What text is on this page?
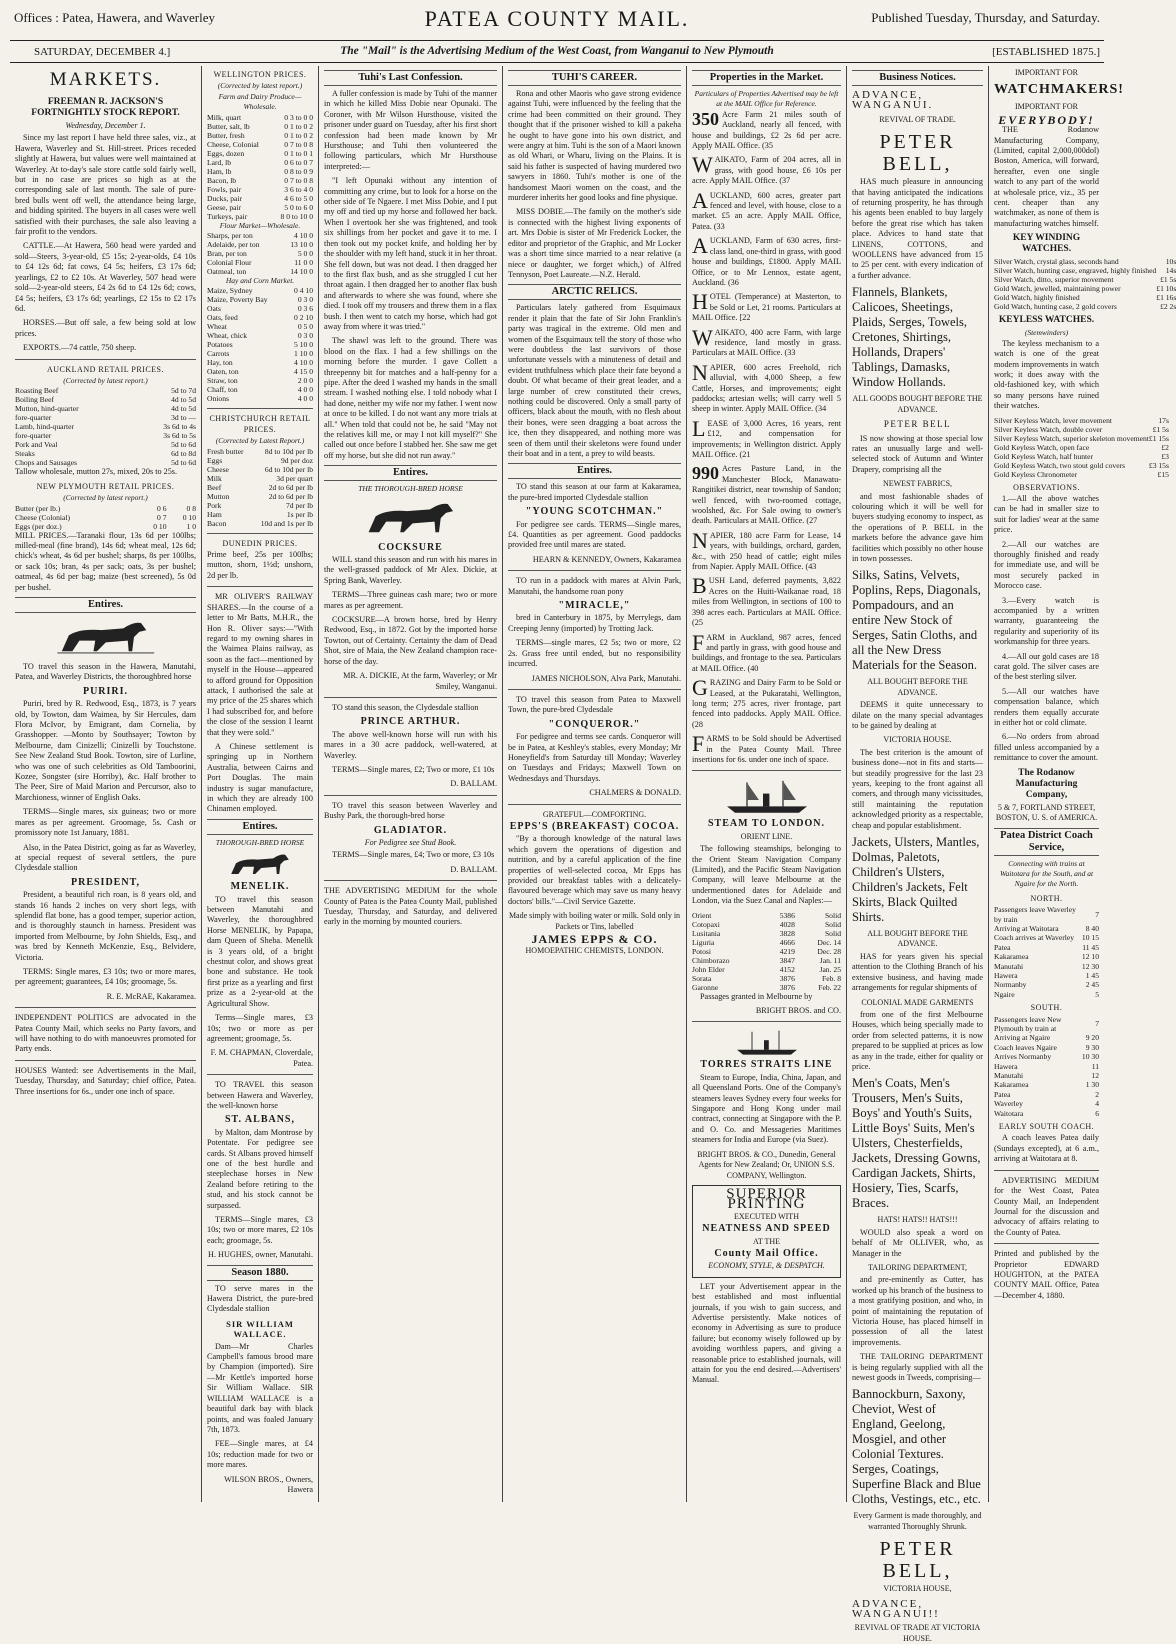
Offices : Patea, Hawera, and Waverley	PATEA COUNTY MAIL.	Published Tuesday, Thursday, and Saturday.
SATURDAY, DECEMBER 4.]	The "Mail" is the Advertising Medium of the West Coast, from Wanganui to New Plymouth	[ESTABLISHED 1875.]
MARKETS.
FREEMAN R. JACKSON'S FORTNIGHTLY STOCK REPORT.
Wednesday, December 1.

Since my last report I have held three sales, viz., at Hawera, Waverley and St. Hill-street. Prices receded slightly at Hawera, but values were well maintained at Waverley. At to-day's sale store cattle sold fairly well, but in no case are prices so high as at the corresponding sale of last month. The sale of pure-bred bulls went off well, the attendance being large, and bidding spirited. The buyers in all cases were well satisfied with their purchases, the sale also leaving a fair profit to the vendors.

CATTLE.—At Hawera, 560 head were yarded and sold—Steers, 3-year-old, £5 15s; 2-year-olds, £4 10s to £4 12s 6d; fat cows, £4 5s; heifers, £3 17s 6d; yearlings, £2 to £2 10s. At Waverley, 507 head were sold—2-year-old steers, £4 2s 6d to £4 12s 6d; cows, £4 5s; heifers, £3 17s 6d; yearlings, £2 15s to £2 17s 6d.

HORSES.—But off sale, a few being sold at low prices.

EXPORTS.—74 cattle, 750 sheep.

AUCKLAND RETAIL PRICES.
(Corrected by latest report.)
Roasting Beef	5d to 7d
Boiling Beef	4d to 5d
Mutton, hind-quarter	4d to 5d
fore-quarter	3d to —
Lamb, hind-quarter	3s 6d to 4s
fore-quarter	3s 6d to 5s
Pork and Veal	5d to 6d
Steaks	6d to 8d
Chops and Sausages	5d to 6d

Tallow wholesale, mutton 27s, mixed, 20s to 25s.

NEW PLYMOUTH RETAIL PRICES.
(Corrected by latest report.)
Butter (per lb.)	0 6	0 8
Cheese (Colonial)	0 7	0 10
Eggs (per doz.)	0 10	1 0

MILL PRICES.—Taranaki flour, 13s 6d per 100lbs; milled-meal (fine brand), 14s 6d; wheat meal, 12s 6d; chick's wheat, 4s 6d per bushel; sharps, 8s per 100lbs, or sack 10s; bran, 4s per sack; oats, 3s per bushel; oatmeal, 4s 6d per bag; maize (best screened), 5s 0d per bushel.

Entires.

TO travel this season in the Hawera, Manutahi, Patea, and Waverley Districts, the thoroughbred horse

PURIRI.

Puriri, bred by R. Redwood, Esq., 1873, is 7 years old, by Towton, dam Waimea, by Sir Hercules, dam Flora McIvor, by Emigrant, dam Cornelia, by Grasshopper. —Monto by Southsayer; Towton by Melbourne, dam Cinizelli; Cinizelli by Touchstone. See New Zealand Stud Book. Towton, sire of Lurline, who was one of such celebrities as Old Tamboorini, Kozee, Songster (sire Horriby), &c. Half brother to The Peer, Sire of Maid Marion and Percursor, also to Marchioness, winner of English Oaks.

TERMS—Single mares, six guineas; two or more mares as per agreement. Groomage, 5s. Cash or promissory note 1st January, 1881.

Also, in the Patea District, going as far as Waverley, at special request of several settlers, the pure Clydesdale stallion

PRESIDENT,

President, a beautiful rich roan, is 8 years old, and stands 16 hands 2 inches on very short legs, with splendid flat bone, has a good temper, superior action, and is thoroughly staunch in harness. President was imported from Melbourne, by John Shields, Esq., and was bred by Kenneth McKenzie, Esq., Belvidere, Victoria.

TERMS: Single mares, £3 10s; two or more mares, per agreement; guarantees, £4 10s; groomage, 5s.

R. E. McRAE, Kakaramea.

INDEPENDENT POLITICS are advocated in the Patea County Mail, which seeks no Party favors, and will have nothing to do with manoeuvres promoted for Party ends.

HOUSES Wanted: see Advertisements in the Mail, Tuesday, Thursday, and Saturday; chief office, Patea. Three insertions for 6s., under one inch of space.

WELLINGTON PRICES.
(Corrected by latest report.)
Farm and Dairy Produce—Wholesale.
Milk, quart	0 3 to 0 0
Butter, salt, lb	0 1 to 0 2
Butter, fresh	0 1 to 0 2
Cheese, Colonial	0 7 to 0 8
Eggs, dozen	0 1 to 0 1
Lard, lb	0 6 to 0 7
Ham, lb	0 8 to 0 9
Bacon, lb	0 7 to 0 8
Fowls, pair	3 6 to 4 0
Ducks, pair	4 6 to 5 0
Geese, pair	5 0 to 6 0
Turkeys, pair	8 0 to 10 0
Flour Market—Wholesale.
Sharps, per ton	4 10 0
Adelaide, per ton	13 10 0
Bran, per ton	5 0 0
Colonial Flour	11 0 0
Oatmeal, ton	14 10 0
Hay and Corn Market.
Maize, Sydney	0 4 10
Maize, Poverty Bay	0 3 0
Oats	0 3 6
Oats, feed	0 2 10
Wheat	0 5 0
Wheat, chick	0 3 0
Potatoes	5 10 0
Carrots	1 10 0
Hay, ton	4 10 0
Oaten, ton	4 15 0
Straw, ton	2 0 0
Chaff, ton	4 0 0
Onions	4 0 0
CHRISTCHURCH RETAIL PRICES.
(Corrected by Latest Report.)
Fresh butter	8d to 10d per lb
Eggs	9d per doz
Cheese	6d to 10d per lb
Milk	3d per quart
Beef	2d to 6d per lb
Mutton	2d to 6d per lb
Pork	7d per lb
Ham	1s per lb
Bacon	10d and 1s per lb
DUNEDIN PRICES.

Prime beef, 25s per 100lbs; mutton, shorn, 1½d; unshorn, 2d per lb.

MR OLIVER'S RAILWAY SHARES.—In the course of a letter to Mr Batts, M.H.R., the Hon R. Oliver says:—"With regard to my owning shares in the Waimea Plains railway, as soon as the fact—mentioned by myself in the House—appeared to afford ground for Opposition attack, I authorised the sale at my price of the 25 shares which I had subscribed for, and before the close of the session I learnt that they were sold."

A Chinese settlement is springing up in Northern Australia, between Cairns and Port Douglas. The main industry is sugar manufacture, in which they are already 100 Chinamen employed.

Entires.
THOROUGH-BRED HORSE
MENELIK.

TO travel this season between Manutahi and Waverley, the thoroughbred Horse MENELIK, by Papapa, dam Queen of Sheba. Menelik is 3 years old, of a bright chestnut color, and shows great bone and substance. He took first prize as a yearling and first prize as a 2-year-old at the Agricultural Show.

Terms—Single mares, £3 10s; two or more as per agreement; groomage, 5s.

F. M. CHAPMAN, Cloverdale, Patea.

TO TRAVEL this season between Hawera and Waverley, the well-known horse

ST. ALBANS,

by Malton, dam Montrose by Potentate. For pedigree see cards. St Albans proved himself one of the best hurdle and steeplechase horses in New Zealand before retiring to the stud, and his stock cannot be surpassed.

TERMS—Single mares, £3 10s; two or more mares, £2 10s each; groomage, 5s.

H. HUGHES, owner, Manutahi.
Season 1880.

TO serve mares in the Hawera District, the pure-bred Clydesdale stallion

SIR WILLIAM WALLACE.

Dam—Mr Charles Campbell's famous brood mare by Champion (imported). Sire—Mr Kettle's imported horse Sir William Wallace. SIR WILLIAM WALLACE is a beautiful dark bay with black points, and was foaled January 7th, 1873.

FEE—Single mares, at £4 10s; reduction made for two or more mares.

WILSON BROS., Owners, Hawera
Tuhi's Last Confession.

A fuller confession is made by Tuhi of the manner in which he killed Miss Dobie near Opunaki. The Coroner, with Mr Wilson Hursthouse, visited the prisoner under guard on Tuesday, after his first short confession had been made known by Mr Hursthouse; and Tuhi then volunteered the following particulars, which Mr Hursthouse interpreted:—

"I left Opunaki without any intention of committing any crime, but to look for a horse on the other side of Te Ngaere. I met Miss Dobie, and I put my off and tied up my horse and followed her back. When I overtook her she was frightened, and took six shillings from her pocket and gave it to me. I then took out my pocket knife, and holding her by the shoulder with my left hand, stuck it in her throat. She fell down, but was not dead. I then dragged her to the first flax bush, and as she struggled I cut her throat again. I then dragged her to another flax bush and afterwards to where she was found, where she died. I took off my trousers and threw them in a flax bush. I then went to catch my horse, which had got away from where it was tried."

The shawl was left to the ground. There was blood on the flax. I had a few shillings on the morning before the murder. I gave Collett a threepenny bit for matches and a half-penny for a pipe. After the deed I washed my hands in the small stream. I washed nothing else. I told nobody what I had done, neither my wife nor my father. I went now at once to be killed. I do not want any more trials at all." When told that could not be, he said "May not the relatives kill me, or may I not kill myself?" She called out once before I stabbed her. She saw me get off my horse, but she did not run away."

Entires.
THE THOROUGH-BRED HORSE
COCKSURE

WILL stand this season and run with his mares in the well-grassed paddock of Mr Alex. Dickie, at Spring Bank, Waverley.

TERMS—Three guineas cash mare; two or more mares as per agreement.

COCKSURE—A brown horse, bred by Henry Redwood, Esq., in 1872. Got by the imported horse Towton, out of Certainty. Certainty the dam of Dead Shot, sire of Maia, the New Zealand champion race-horse of the day.

MR. A. DICKIE, At the farm, Waverley; or Mr Smiley, Wanganui.

TO stand this season, the Clydesdale stallion

PRINCE ARTHUR.

The above well-known horse will run with his mares in a 30 acre paddock, well-watered, at Waverley.

TERMS—Single mares, £2; Two or more, £1 10s

D. BALLAM.

TO travel this season between Waverley and Bushy Park, the thorough-bred horse

GLADIATOR.
For Pedigree see Stud Book.

TERMS—Single mares, £4; Two or more, £3 10s

D. BALLAM.

THE ADVERTISING MEDIUM for the whole County of Patea is the Patea County Mail, published Tuesday, Thursday, and Saturday, and delivered early in the morning by mounted couriers.

TUHI'S CAREER.

Rona and other Maoris who gave strong evidence against Tuhi, were influenced by the feeling that the crime had been committed on their ground. They thought that if the prisoner wished to kill a pakeha he ought to have gone into his own district, and were angry at him. Tuhi is the son of a Maori known as old Whari, or Wharu, living on the Plains. It is said his father is suspected of having murdered two sawyers in 1860. Tuhi's mother is one of the handsomest Maori women on the coast, and the murderer inherits her good looks and fine physique.

MISS DOBIE.—The family on the mother's side is connected with the highest living exponents of art. Mrs Dobie is sister of Mr Frederick Locker, the editor and proprietor of the Graphic, and Mr Locker was a short time since married to a near relative (a niece or daughter, we forget which,) of Alfred Tennyson, Poet Laureate.—N.Z. Herald.

ARCTIC RELICS.

Particulars lately gathered from Esquimaux render it plain that the fate of Sir John Franklin's party was tragical in the extreme. Old men and women of the Esquimaux tell the story of those who were doubtless the last survivors of those unfortunate vessels with a minuteness of detail and evident truthfulness which place their fate beyond a doubt. Of what became of their great leader, and a large number of crew constituted their crews, nothing could be discovered. Only a small party of officers, black about the mouth, with no flesh about their bones, were seen dragging a boat across the ice, then they disappeared, and nothing more was seen of them until their skeletons were found under their boat and in a tent, a prey to wild beasts.

Entires.

TO stand this season at our farm at Kakaramea, the pure-bred imported Clydesdale stallion

"YOUNG SCOTCHMAN."

For pedigree see cards. TERMS—Single mares, £4. Quantities as per agreement. Good paddocks provided free until mares are stated.

HEARN & KENNEDY, Owners, Kakaramea

TO run in a paddock with mares at Alvin Park, Manutahi, the handsome roan pony

"MIRACLE,"

bred in Canterbury in 1875, by Merrylegs, dam Creeping Jenny (imported) by Trotting Jack.

TERMS—single mares, £2 5s; two or more, £2 2s. Grass free until ended, but no responsibility incurred.

JAMES NICHOLSON, Alva Park, Manutahi.

TO travel this season from Patea to Maxwell Town, the pure-bred Clydesdale

"CONQUEROR."

For pedigree and terms see cards. Conqueror will be in Patea, at Keshley's stables, every Monday; Mr Honeyfield's from Saturday till Monday; Waverley on Tuesdays and Fridays; Maxwell Town on Wednesdays and Thursdays.

CHALMERS & DONALD.
GRATEFUL—COMFORTING.
EPPS'S (BREAKFAST) COCOA.

"By a thorough knowledge of the natural laws which govern the operations of digestion and nutrition, and by a careful application of the fine properties of well-selected cocoa, Mr Epps has provided our breakfast tables with a delicately-flavoured beverage which may save us many heavy doctors' bills."—Civil Service Gazette.

Made simply with boiling water or milk. Sold only in Packets or Tins, labelled
JAMES EPPS & CO.
HOMOEPATHIC CHEMISTS, LONDON.
Properties in the Market.
Particulars of Properties Advertised may be left at the MAIL Office for Reference.

350 Acre Farm 21 miles south of Auckland, nearly all fenced, with house and buildings, £2 2s 6d per acre. Apply MAIL Office. (35

WAIKATO, Farm of 204 acres, all in grass, with good house, £6 10s per acre. Apply MAIL Office. (37

AUCKLAND, 600 acres, greater part fenced and level, with house, close to a market. £5 an acre. Apply MAIL Office, Patea. (33

AUCKLAND, Farm of 630 acres, first-class land, one-third in grass, with good house and buildings, £1800. Apply MAIL Office, or to Mr Lennox, estate agent, Auckland. (36

HOTEL (Temperance) at Masterton, to be Sold or Let, 21 rooms. Particulars at MAIL Office. [22

WAIKATO, 400 acre Farm, with large residence, land mostly in grass. Particulars at MAIL Office. (33

NAPIER, 600 acres Freehold, rich alluvial, with 4,000 Sheep, a few Cattle, Horses, and improvements; eight paddocks; artesian wells; will carry well 5 sheep in winter. Apply MAIL Office. (34

LEASE of 3,000 Acres, 16 years, rent £12, and compensation for improvements; in Wellington district. Apply MAIL Office. (21

990 Acres Pasture Land, in the Manchester Block, Manawatu-Rangitikei district, near township of Sandon; well fenced, with two-roomed cottage, woolshed, &c. For Sale owing to owner's death. Particulars at MAIL Office. (27

NAPIER, 180 acre Farm for Lease, 14 years, with buildings, orchard, garden, &c., with 250 head of cattle; eight miles from Napier. Apply MAIL Office. (43

BUSH Land, deferred payments, 3,822 Acres on the Huiti-Waikanae road, 18 miles from Wellington, in sections of 100 to 398 acres each. Particulars at MAIL Office. (25

FARM in Auckland, 987 acres, fenced and partly in grass, with good house and buildings, and frontage to the sea. Particulars at MAIL Office. (40

GRAZING and Dairy Farm to be Sold or Leased, at the Pukaratahi, Wellington, long term; 275 acres, river frontage, part fenced into paddocks. Apply MAIL Office. (28

FARMS to be Sold should be Advertised in the Patea County Mail. Three insertions for 6s. under one inch of space.

STEAM TO LONDON.
ORIENT LINE.

The following steamships, belonging to the Orient Steam Navigation Company (Limited), and the Pacific Steam Navigation Company, will leave Melbourne at the undermentioned dates for Adelaide and London, via the Suez Canal and Naples:—

Orient	5386	Solid
Cotopaxi	4028	Solid
Lusitania	3828	Solid
Liguria	4666	Dec. 14
Potosi	4219	Dec. 28
Chimborazo	3847	Jan. 11
John Elder	4152	Jan. 25
Sorata	3876	Feb. 8
Garonne	3876	Feb. 22

Passages granted in Melbourne by

BRIGHT BROS. and CO.
TORRES STRAITS LINE

Steam to Europe, India, China, Japan, and all Queensland Ports. One of the Company's steamers leaves Sydney every four weeks for Singapore and Hong Kong under mail contract, connecting at Singapore with the P. and O. Co. and Messageries Maritimes steamers for India and Europe (via Suez).

BRIGHT BROS. & CO., Dunedin, General Agents for New Zealand; Or, UNION S.S. COMPANY, Wellington.
SUPERIOR PRINTING
EXECUTED WITH
NEATNESS AND SPEED
AT THE
County Mail Office.
ECONOMY, STYLE, & DESPATCH.

LET your Advertisement appear in the best established and most influential journals, if you wish to gain success, and Advertise persistently. Make notices of economy in Advertising as sure to produce failure; but economy wisely followed up by avoiding worthless papers, and giving a reasonable price to established journals, will attain for you the end desired.—Advertisers' Manual.

Business Notices.
ADVANCE, WANGANUI.
REVIVAL OF TRADE.
PETER BELL,

HAS much pleasure in announcing that having anticipated the indications of returning prosperity, he has through his agents been enabled to buy largely before the great rise which has taken place. Advices to hand state that LINENS, COTTONS, and WOOLLENS have advanced from 15 to 25 per cent. with every indication of a further advance.

Flannels, Blankets, Calicoes, Sheetings, Plaids, Serges, Towels, Cretones, Shirtings, Hollands, Drapers' Tablings, Damasks, Window Hollands.
ALL GOODS BOUGHT BEFORE THE ADVANCE.
PETER BELL

IS now showing at those special low rates an unusually large and well-selected stock of Autumn and Winter Drapery, comprising all the

NEWEST FABRICS,

and most fashionable shades of colouring which it will be well for buyers studying economy to inspect, as the operations of P. BELL in the markets before the advance gave him facilities which possibly no other house in town possesses.

Silks, Satins, Velvets, Poplins, Reps, Diagonals, Pompadours, and an entire New Stock of Serges, Satin Cloths, and all the New Dress Materials for the Season.
ALL BOUGHT BEFORE THE ADVANCE.

DEEMS it quite unnecessary to dilate on the many special advantages to be gained by dealing at

VICTORIA HOUSE.

The best criterion is the amount of business done—not in fits and starts—but steadily progressive for the last 23 years, keeping to the front against all comers, and through many vicissitudes, still maintaining the reputation acknowledged priority as a respectable, cheap and popular establishment.

Jackets, Ulsters, Mantles, Dolmas, Paletots, Children's Ulsters, Children's Jackets, Felt Skirts, Black Quilted Shirts.
ALL BOUGHT BEFORE THE ADVANCE.

HAS for years given his special attention to the Clothing Branch of his extensive business, and having made arrangements for regular shipments of

COLONIAL MADE GARMENTS

from one of the first Melbourne Houses, which being specially made to order from selected patterns, it is now prepared to be supplied at prices as low as any in the trade, either for quality or price.

Men's Coats, Men's Trousers, Men's Suits, Boys' and Youth's Suits, Little Boys' Suits, Men's Ulsters, Chesterfields, Jackets, Dressing Gowns, Cardigan Jackets, Shirts, Hosiery, Ties, Scarfs, Braces.
HATS! HATS!! HATS!!!

WOULD also speak a word on behalf of Mr OLLIVER, who, as Manager in the

TAILORING DEPARTMENT,

and pre-eminently as Cutter, has worked up his branch of the business to a most gratifying position, and who, in point of maintaining the reputation of Victoria House, has placed himself in possession of all the latest improvements.

THE TAILORING DEPARTMENT is being regularly supplied with all the newest goods in Tweeds, comprising—

Bannockburn, Saxony, Cheviot, West of England, Geelong, Mosgiel, and other Colonial Textures. Serges, Coatings, Superfine Black and Blue Cloths, Vestings, etc., etc.
Every Garment is made thoroughly, and warranted Thoroughly Shrunk.
PETER BELL,
VICTORIA HOUSE,
ADVANCE, WANGANUI!!
REVIVAL OF TRADE AT VICTORIA HOUSE.
IMPORTANT FOR
WATCHMAKERS!
IMPORTANT FOR
EVERYBODY!

THE Rodanow Manufacturing Company, (Limited, capital 2,000,000dol) Boston, America, will forward, hereafter, even one single watch to any part of the world at wholesale price, viz., 35 per cent. cheaper than any watchmaker, as none of them is manufacturing watches himself.

KEY WINDING WATCHES.
Silver Watch, crystal glass, seconds hand	10s
Silver Watch, hunting case, engraved, highly finished	14s
Silver Watch, ditto, superior movement	£1 5s
Gold Watch, jewelled, maintaining power	£1 10s
Gold Watch, highly finished	£1 16s
Gold Watch, hunting case, 2 gold covers	£2 2s
KEYLESS WATCHES.
(Stemwinders)

The keyless mechanism to a watch is one of the great modern improvements in watch work; it does away with the old-fashioned key, with which so many persons have ruined their watches.

Silver Keyless Watch, lever movement	17s
Silver Keyless Watch, double cover	£1 5s
Silver Keyless Watch, superior skeleton movement	£1 15s
Gold Keyless Watch, open face	£2
Gold Keyless Watch, half hunter	£3
Gold Keyless Watch, two stout gold covers	£3 15s
Gold Keyless Chronometer	£15
OBSERVATIONS.

1.—All the above watches can be had in smaller size to suit for ladies' wear at the same price.

2.—All our watches are thoroughly finished and ready for immediate use, and will be most securely packed in Morocco case.

3.—Every watch is accompanied by a written warranty, guaranteeing the regularity and superiority of its workmanship for three years.

4.—All our gold cases are 18 carat gold. The silver cases are of the best sterling silver.

5.—All our watches have compensation balance, which renders them equally accurate in either hot or cold climate.

6.—No orders from abroad filled unless accompanied by a remittance to cover the amount.

The Rodanow Manufacturing Company,
5 & 7, FORTLAND STREET, BOSTON, U. S. of AMERICA.
Patea District Coach Service,
Connecting with trains at Waitotara for the South, and at Ngaire for the North.
NORTH.
Passengers leave Waverley by train	7
Arriving at Waitotara	8 40
Coach arrives at Waverley	10 15
Patea	11 45
Kakaramea	12 10
Manutahi	12 30
Hawera	1 45
Normanby	2 45
Ngaire	5
SOUTH.
Passengers leave New Plymouth by train at	7
Arriving at Ngaire	9 20
Coach leaves Ngaire	9 30
Arrives Normanby	10 30
Hawera	11
Manutahi	12
Kakaramea	1 30
Patea	2
Waverley	4
Waitotara	6
EARLY SOUTH COACH.

A coach leaves Patea daily (Sundays excepted), at 6 a.m., arriving at Waitotara at 8.

ADVERTISING MEDIUM for the West Coast, Patea County Mail, an Independent Journal for the discussion and advocacy of affairs relating to the County of Patea.

Printed and published by the Proprietor EDWARD HOUGHTON, at the PATEA COUNTY MAIL Office, Patea—December 4, 1880.
